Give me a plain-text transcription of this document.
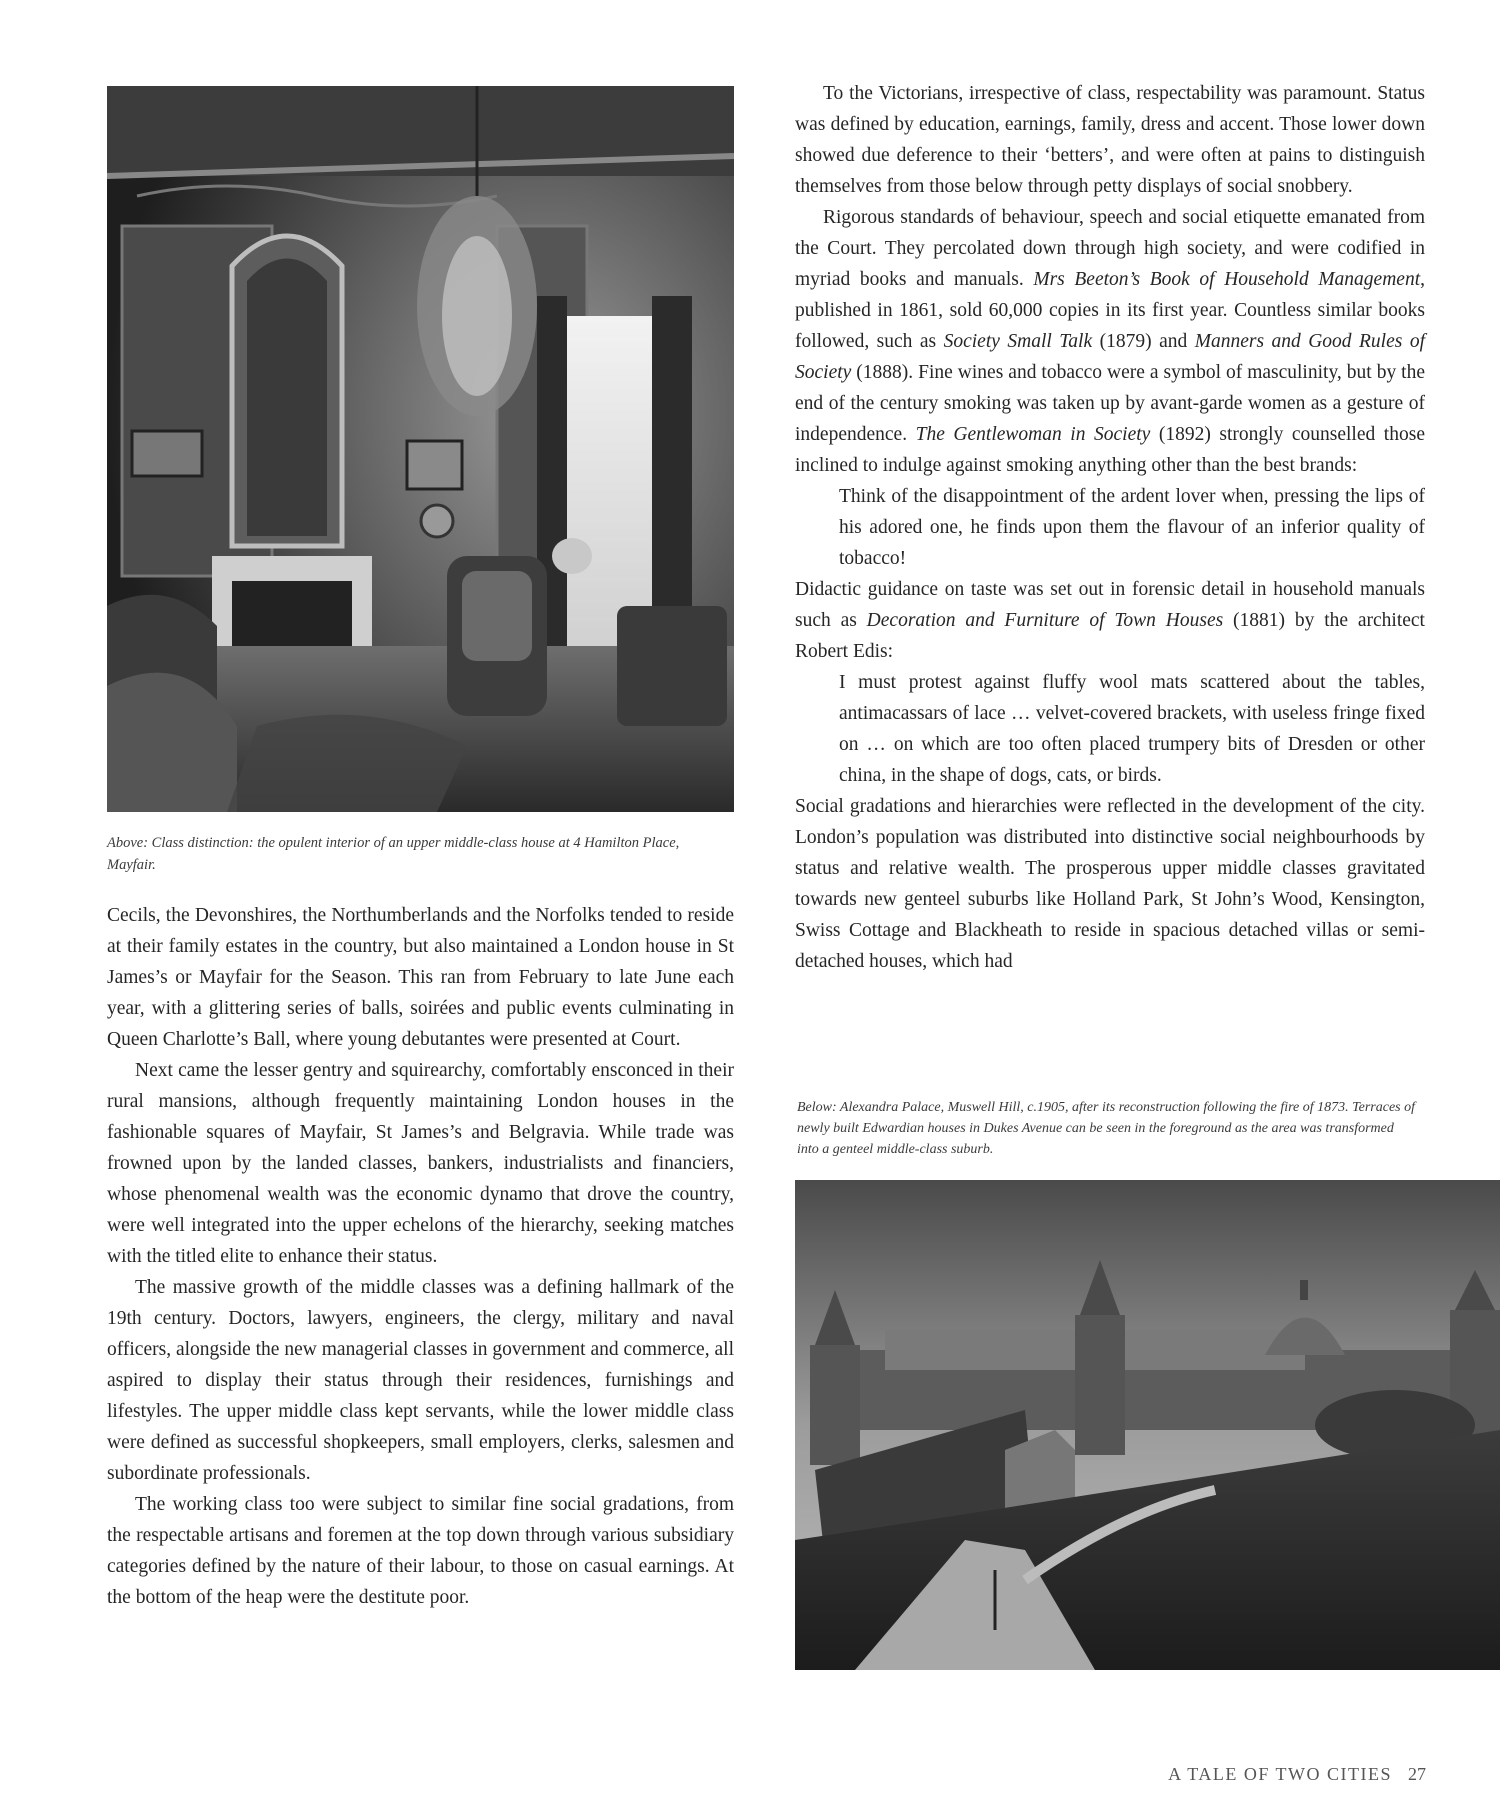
Above: Class distinction: the opulent interior of an upper middle-class house at 4 Hamilton Place, Mayfair.

Cecils, the Devonshires, the Northumberlands and the Norfolks tended to reside at their family estates in the country, but also maintained a London house in St James’s or Mayfair for the Season. This ran from February to late June each year, with a glittering series of balls, soirées and public events culminating in Queen Charlotte’s Ball, where young debutantes were presented at Court.

Next came the lesser gentry and squirearchy, comfortably ensconced in their rural mansions, although frequently maintaining London houses in the fashionable squares of Mayfair, St James’s and Belgravia. While trade was frowned upon by the landed classes, bankers, industrialists and financiers, whose phenomenal wealth was the economic dynamo that drove the country, were well integrated into the upper echelons of the hierarchy, seeking matches with the titled elite to enhance their status.

The massive growth of the middle classes was a defining hallmark of the 19th century. Doctors, lawyers, engineers, the clergy, military and naval officers, alongside the new managerial classes in government and commerce, all aspired to display their status through their residences, furnishings and lifestyles. The upper middle class kept servants, while the lower middle class were defined as successful shopkeepers, small employers, clerks, salesmen and subordinate professionals.

The working class too were subject to similar fine social gradations, from the respectable artisans and foremen at the top down through various subsidiary categories defined by the nature of their labour, to those on casual earnings. At the bottom of the heap were the destitute poor.

To the Victorians, irrespective of class, respectability was paramount. Status was defined by education, earnings, family, dress and accent. Those lower down showed due deference to their ‘betters’, and were often at pains to distinguish themselves from those below through petty displays of social snobbery.

Rigorous standards of behaviour, speech and social etiquette emanated from the Court. They percolated down through high society, and were codified in myriad books and manuals. Mrs Beeton’s Book of Household Management, published in 1861, sold 60,000 copies in its first year. Countless similar books followed, such as Society Small Talk (1879) and Manners and Good Rules of Society (1888). Fine wines and tobacco were a symbol of masculinity, but by the end of the century smoking was taken up by avant-garde women as a gesture of independence. The Gentlewoman in Society (1892) strongly counselled those inclined to indulge against smoking anything other than the best brands:

Think of the disappointment of the ardent lover when, pressing the lips of his adored one, he finds upon them the flavour of an inferior quality of tobacco!

Didactic guidance on taste was set out in forensic detail in household manuals such as Decoration and Furniture of Town Houses (1881) by the architect Robert Edis:

I must protest against fluffy wool mats scattered about the tables, antimacassars of lace … velvet-covered brackets, with useless fringe fixed on … on which are too often placed trumpery bits of Dresden or other china, in the shape of dogs, cats, or birds.

Social gradations and hierarchies were reflected in the development of the city. London’s population was distributed into distinctive social neighbourhoods by status and relative wealth. The prosperous upper middle classes gravitated towards new genteel suburbs like Holland Park, St John’s Wood, Kensington, Swiss Cottage and Blackheath to reside in spacious detached villas or semi-detached houses, which had

Below: Alexandra Palace, Muswell Hill, c.1905, after its reconstruction following the fire of 1873. Terraces of newly built Edwardian houses in Dukes Avenue can be seen in the foreground as the area was transformed into a genteel middle-class suburb.
A TALE OF TWO CITIES 27
